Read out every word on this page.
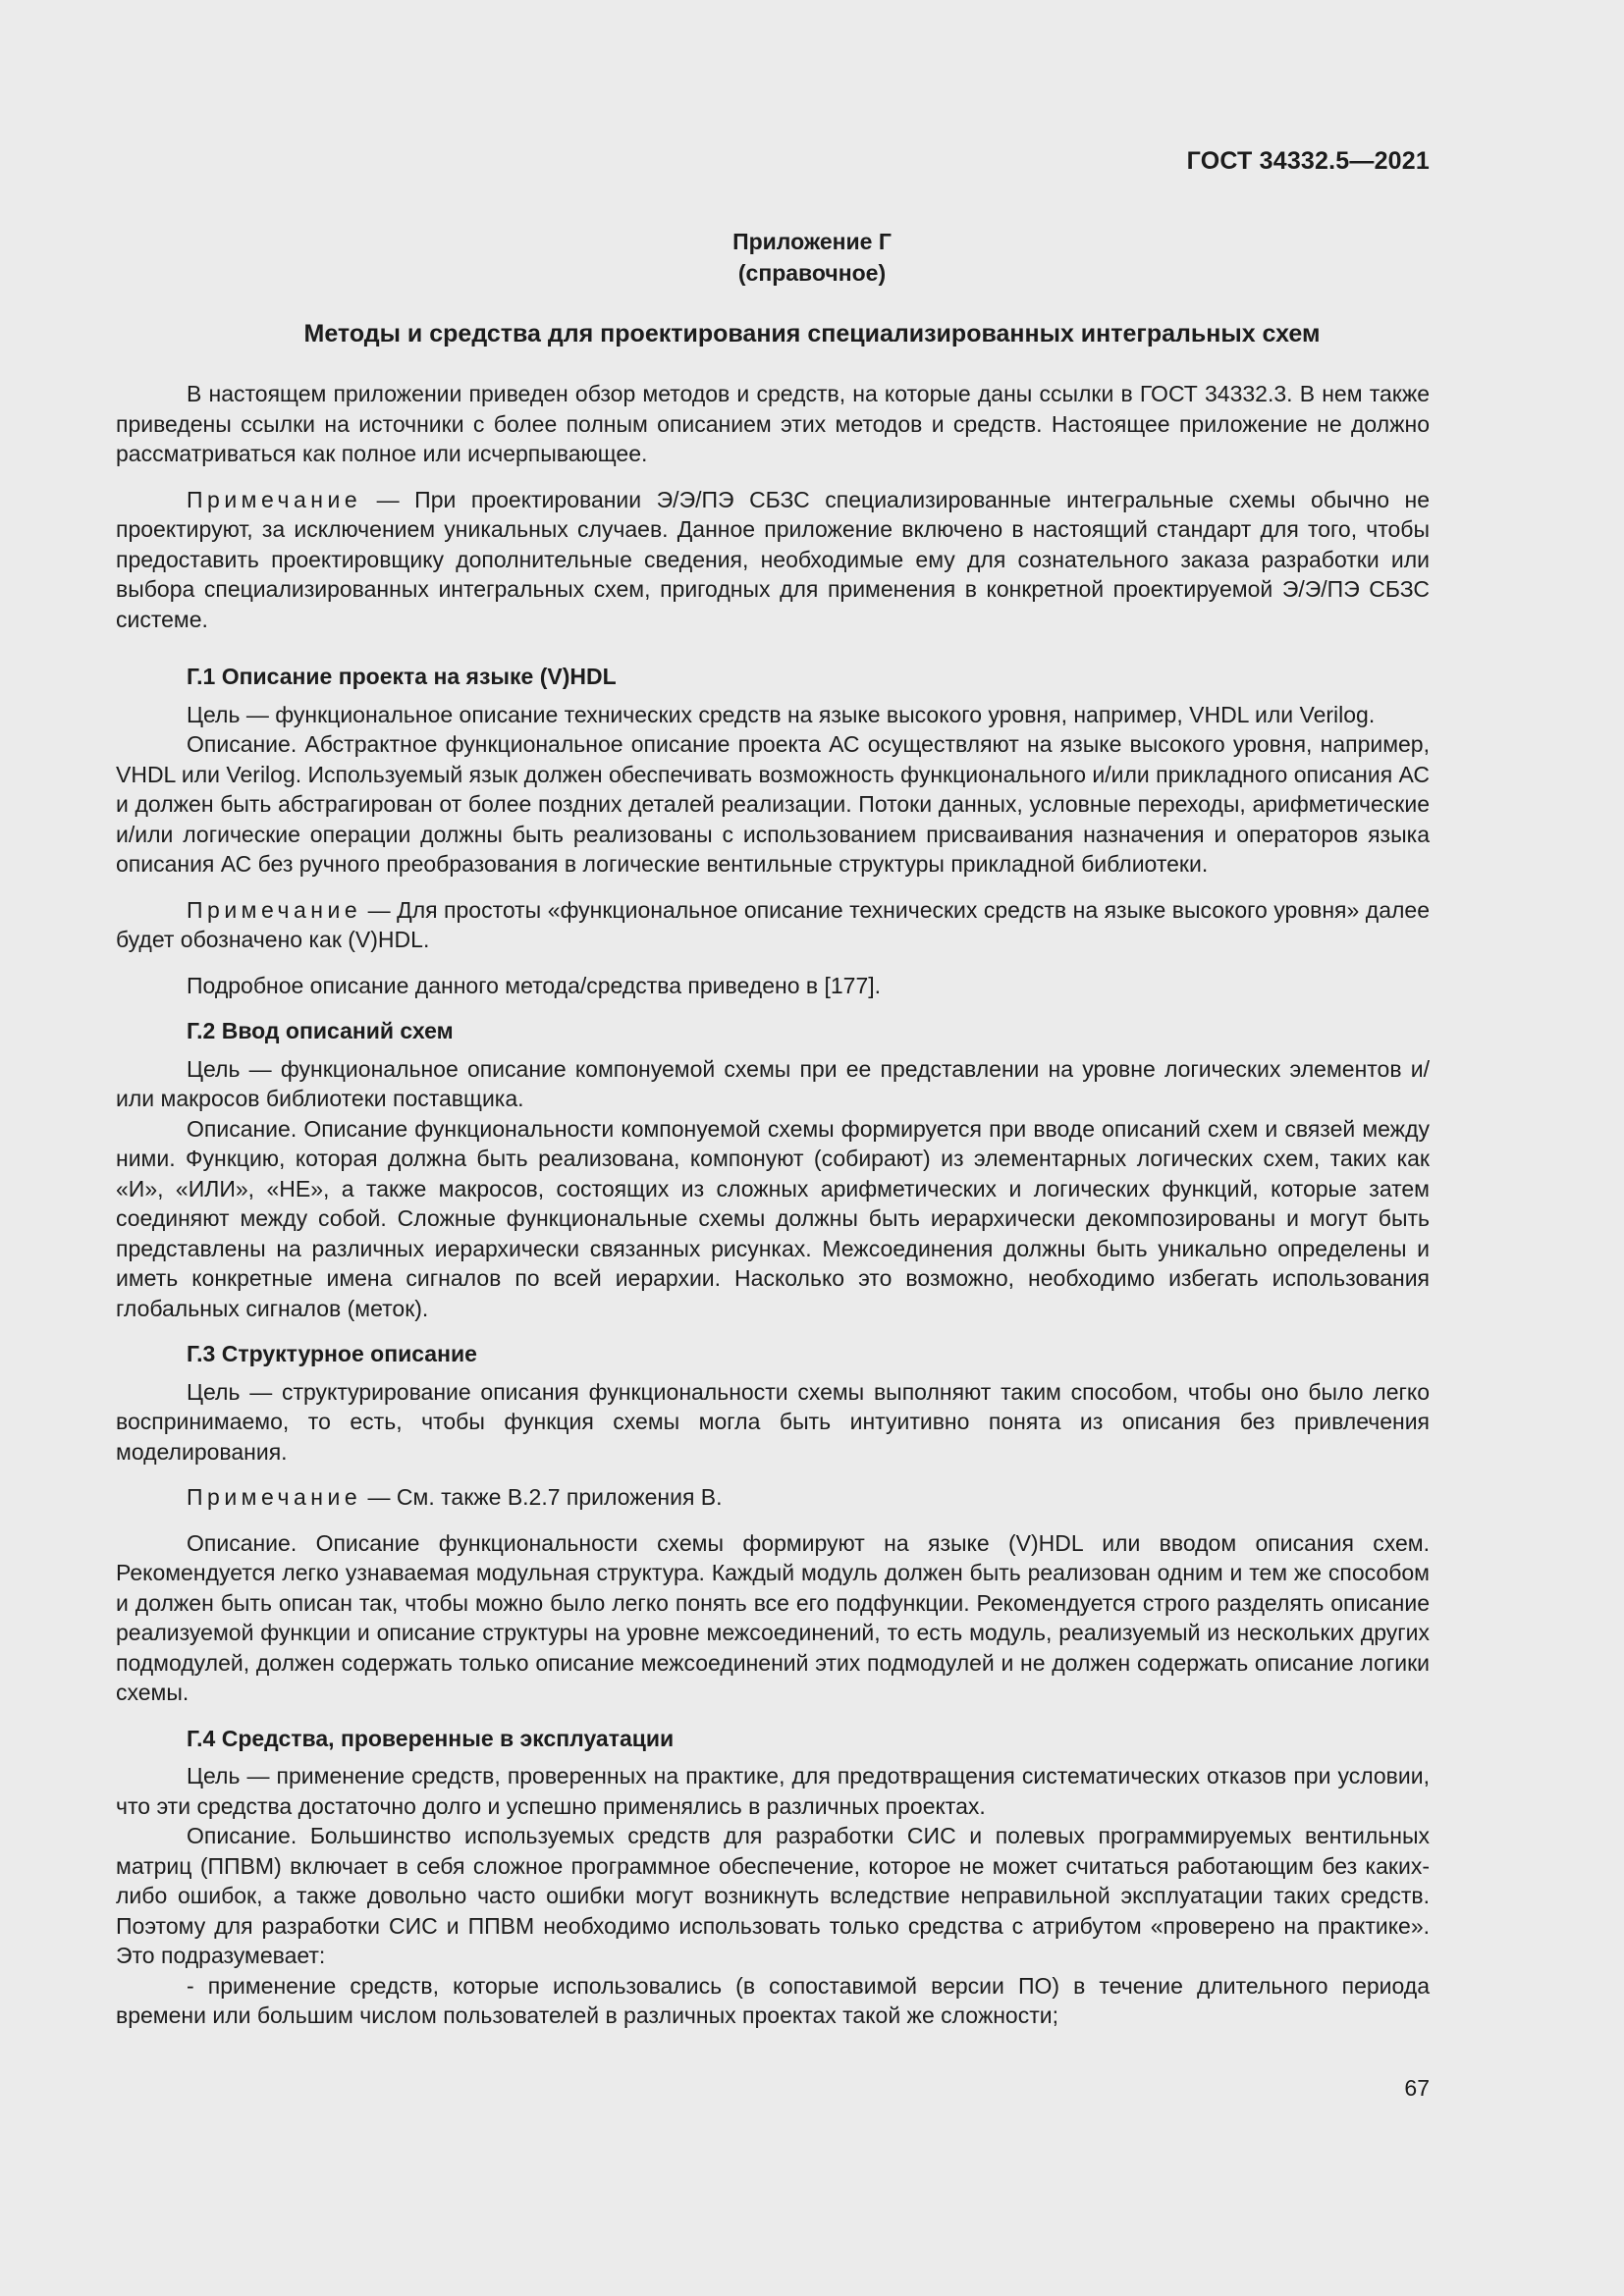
ГОСТ 34332.5—2021
Приложение Г
(справочное)
Методы и средства для проектирования специализированных интегральных схем

В настоящем приложении приведен обзор методов и средств, на которые даны ссылки в ГОСТ 34332.3. В нем также приведены ссылки на источники с более полным описанием этих методов и средств. Настоящее приложение не должно рассматриваться как полное или исчерпывающее.

Примечание — При проектировании Э/Э/ПЭ СБЗС специализированные интегральные схемы обычно не проектируют, за исключением уникальных случаев. Данное приложение включено в настоящий стандарт для того, чтобы предоставить проектировщику дополнительные сведения, необходимые ему для сознательного заказа разработки или выбора специализированных интегральных схем, пригодных для применения в конкретной проектируемой Э/Э/ПЭ СБЗС системе.

Г.1 Описание проекта на языке (V)HDL

Цель — функциональное описание технических средств на языке высокого уровня, например, VHDL или Verilog.

Описание. Абстрактное функциональное описание проекта АС осуществляют на языке высокого уровня, например, VHDL или Verilog. Используемый язык должен обеспечивать возможность функционального и/или прикладного описания АС и должен быть абстрагирован от более поздних деталей реализации. Потоки данных, условные переходы, арифметические и/или логические операции должны быть реализованы с использованием присваивания назначения и операторов языка описания АС без ручного преобразования в логические вентильные структуры прикладной библиотеки.

Примечание — Для простоты «функциональное описание технических средств на языке высокого уровня» далее будет обозначено как (V)HDL.

Подробное описание данного метода/средства приведено в [177].

Г.2 Ввод описаний схем

Цель — функциональное описание компонуемой схемы при ее представлении на уровне логических элементов и/или макросов библиотеки поставщика.

Описание. Описание функциональности компонуемой схемы формируется при вводе описаний схем и связей между ними. Функцию, которая должна быть реализована, компонуют (собирают) из элементарных логических схем, таких как «И», «ИЛИ», «НЕ», а также макросов, состоящих из сложных арифметических и логических функций, которые затем соединяют между собой. Сложные функциональные схемы должны быть иерархически декомпозированы и могут быть представлены на различных иерархически связанных рисунках. Межсоединения должны быть уникально определены и иметь конкретные имена сигналов по всей иерархии. Насколько это возможно, необходимо избегать использования глобальных сигналов (меток).

Г.3 Структурное описание

Цель — структурирование описания функциональности схемы выполняют таким способом, чтобы оно было легко воспринимаемо, то есть, чтобы функция схемы могла быть интуитивно понята из описания без привлечения моделирования.

Примечание — См. также В.2.7 приложения В.

Описание. Описание функциональности схемы формируют на языке (V)HDL или вводом описания схем. Рекомендуется легко узнаваемая модульная структура. Каждый модуль должен быть реализован одним и тем же способом и должен быть описан так, чтобы можно было легко понять все его подфункции. Рекомендуется строго разделять описание реализуемой функции и описание структуры на уровне межсоединений, то есть модуль, реализуемый из нескольких других подмодулей, должен содержать только описание межсоединений этих подмодулей и не должен содержать описание логики схемы.

Г.4 Средства, проверенные в эксплуатации

Цель — применение средств, проверенных на практике, для предотвращения систематических отказов при условии, что эти средства достаточно долго и успешно применялись в различных проектах.

Описание. Большинство используемых средств для разработки СИС и полевых программируемых вентильных матриц (ППВМ) включает в себя сложное программное обеспечение, которое не может считаться работающим без каких-либо ошибок, а также довольно часто ошибки могут возникнуть вследствие неправильной эксплуатации таких средств. Поэтому для разработки СИС и ППВМ необходимо использовать только средства с атрибутом «проверено на практике». Это подразумевает:

- применение средств, которые использовались (в сопоставимой версии ПО) в течение длительного периода времени или большим числом пользователей в различных проектах такой же сложности;

67
